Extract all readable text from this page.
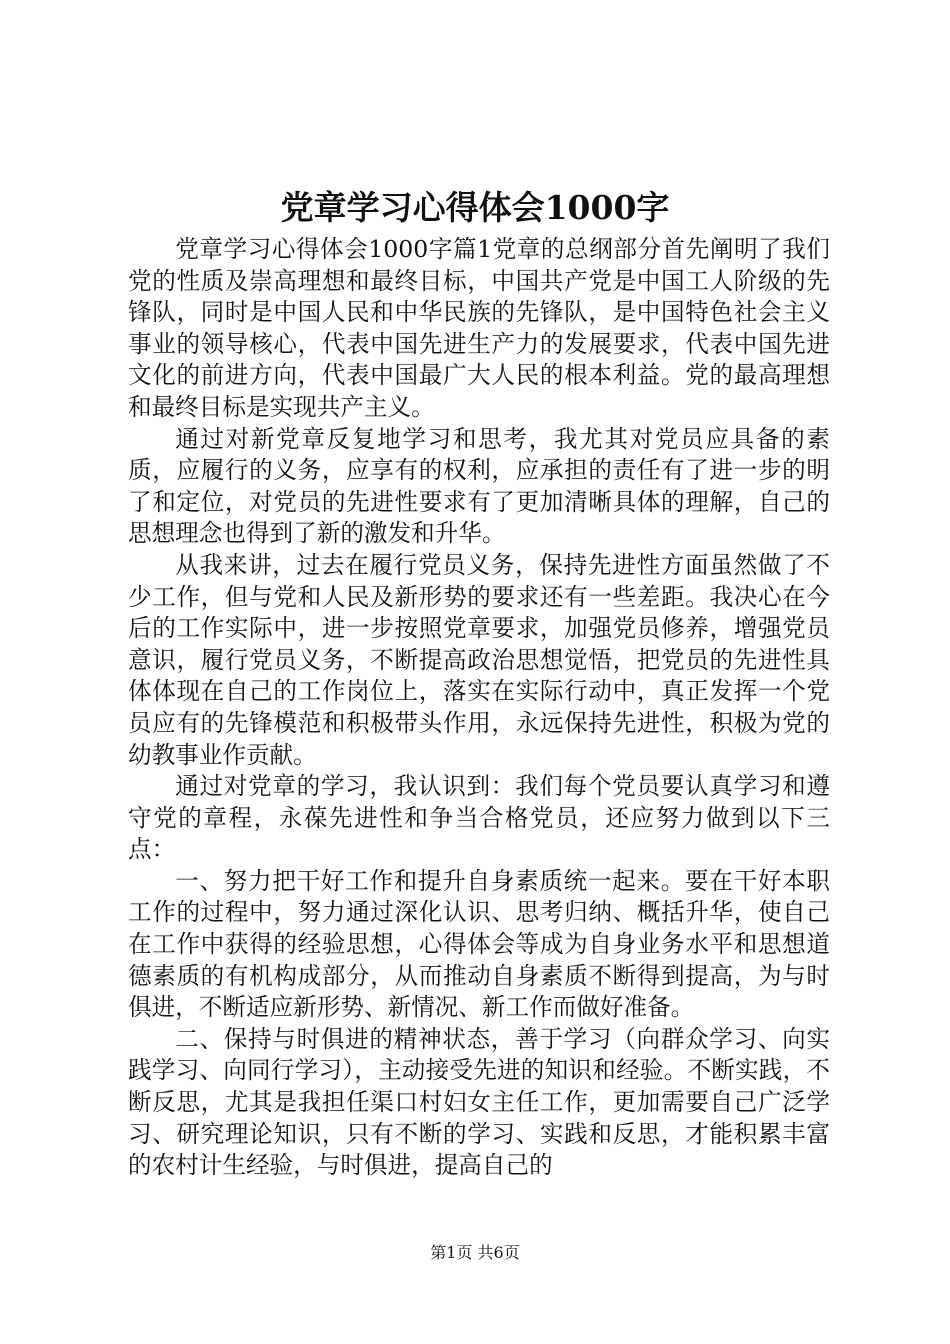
党章学习心得体会1000字

党章学习心得体会1000字篇1党章的总纲部分首先阐明了我们党的性质及崇高理想和最终目标，中国共产党是中国工人阶级的先锋队，同时是中国人民和中华民族的先锋队，是中国特色社会主义事业的领导核心，代表中国先进生产力的发展要求，代表中国先进文化的前进方向，代表中国最广大人民的根本利益。党的最高理想和最终目标是实现共产主义。

通过对新党章反复地学习和思考，我尤其对党员应具备的素质，应履行的义务，应享有的权利，应承担的责任有了进一步的明了和定位，对党员的先进性要求有了更加清晰具体的理解，自己的思想理念也得到了新的激发和升华。

从我来讲，过去在履行党员义务，保持先进性方面虽然做了不少工作，但与党和人民及新形势的要求还有一些差距。我决心在今后的工作实际中，进一步按照党章要求，加强党员修养，增强党员意识，履行党员义务，不断提高政治思想觉悟，把党员的先进性具体体现在自己的工作岗位上，落实在实际行动中，真正发挥一个党员应有的先锋模范和积极带头作用，永远保持先进性，积极为党的幼教事业作贡献。

通过对党章的学习，我认识到：我们每个党员要认真学习和遵守党的章程，永葆先进性和争当合格党员，还应努力做到以下三点：

一、努力把干好工作和提升自身素质统一起来。要在干好本职工作的过程中，努力通过深化认识、思考归纳、概括升华，使自己在工作中获得的经验思想，心得体会等成为自身业务水平和思想道德素质的有机构成部分，从而推动自身素质不断得到提高，为与时俱进，不断适应新形势、新情况、新工作而做好准备。

二、保持与时俱进的精神状态，善于学习（向群众学习、向实践学习、向同行学习），主动接受先进的知识和经验。不断实践，不断反思，尤其是我担任渠口村妇女主任工作，更加需要自己广泛学习、研究理论知识，只有不断的学习、实践和反思，才能积累丰富的农村计生经验，与时俱进，提高自己的

第1页 共6页
